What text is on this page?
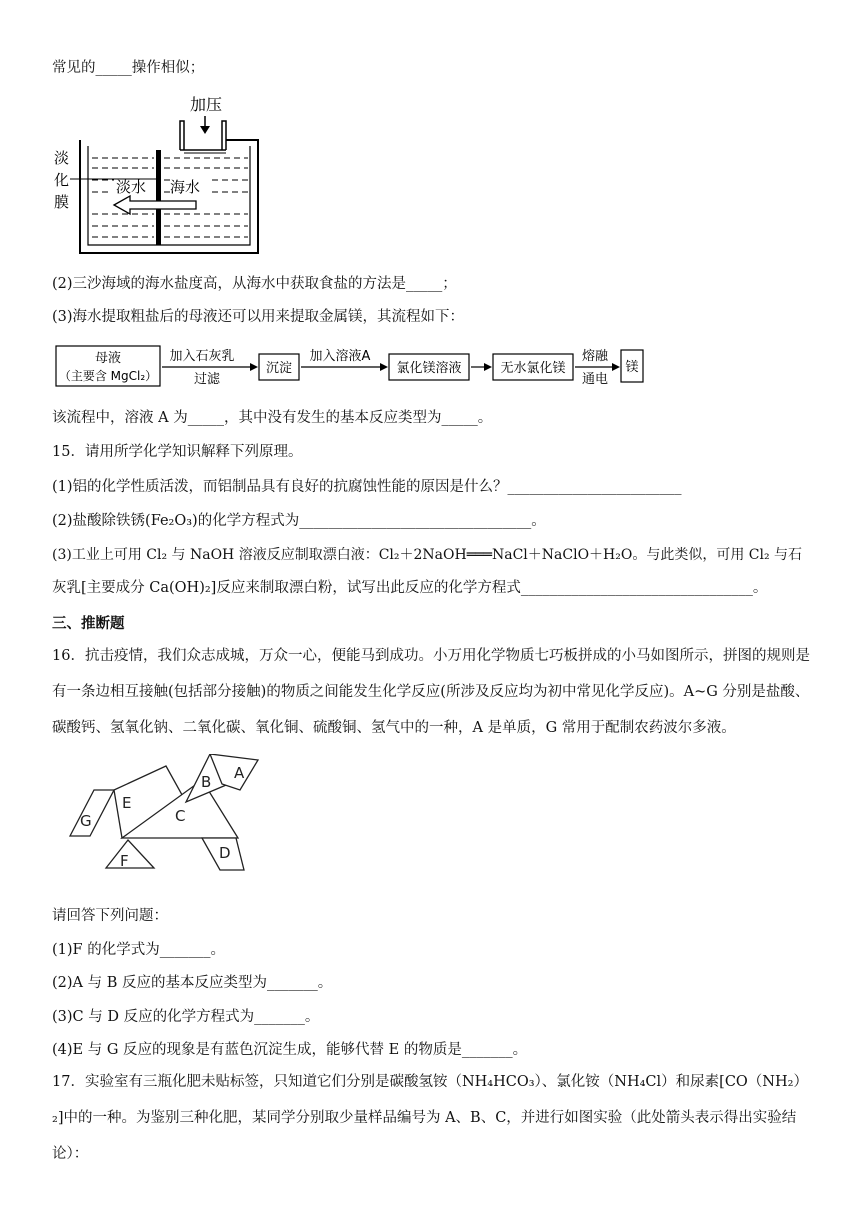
常见的_____操作相似；
加压
淡水 海水
淡
化
膜
(2)三沙海域的海水盐度高，从海水中获取食盐的方法是_____；
(3)海水提取粗盐后的母液还可以用来提取金属镁，其流程如下：
母液
（主要含 MgCl₂）
加入石灰乳
过滤
沉淀
加入溶液A
氯化镁溶液	无水氯化镁
熔融
通电
镁
该流程中，溶液 A 为_____，其中没有发生的基本反应类型为_____。
15．请用所学化学知识解释下列原理。
(1)铝的化学性质活泼，而铝制品具有良好的抗腐蚀性能的原因是什么？________________________
(2)盐酸除铁锈(Fe₂O₃)的化学方程式为________________________________。
(3)工业上可用 Cl₂ 与 NaOH 溶液反应制取漂白液：Cl₂＋2NaOH═══NaCl＋NaClO＋H₂O。与此类似，可用 Cl₂ 与石
灰乳[主要成分 Ca(OH)₂]反应来制取漂白粉，试写出此反应的化学方程式________________________________。
三、推断题
16．抗击疫情，我们众志成城，万众一心，便能马到成功。小万用化学物质七巧板拼成的小马如图所示，拼图的规则是有一条边相互接触(包括部分接触)的物质之间能发生化学反应(所涉及反应均为初中常见化学反应)。A~G 分别是盐酸、碳酸钙、氢氧化钠、二氧化碳、氧化铜、硫酸铜、氢气中的一种，A 是单质，G 常用于配制农药波尔多液。
A
B
C
D
E
F
G
请回答下列问题：
(1)F 的化学式为_______。
(2)A 与 B 反应的基本反应类型为_______。
(3)C 与 D 反应的化学方程式为_______。
(4)E 与 G 反应的现象是有蓝色沉淀生成，能够代替 E 的物质是_______。
17．实验室有三瓶化肥未贴标签，只知道它们分别是碳酸氢铵（NH₄HCO₃）、氯化铵（NH₄Cl）和尿素[CO（NH₂）₂]中的一种。为鉴别三种化肥，某同学分别取少量样品编号为 A、B、C，并进行如图实验（此处箭头表示得出实验结论）：
